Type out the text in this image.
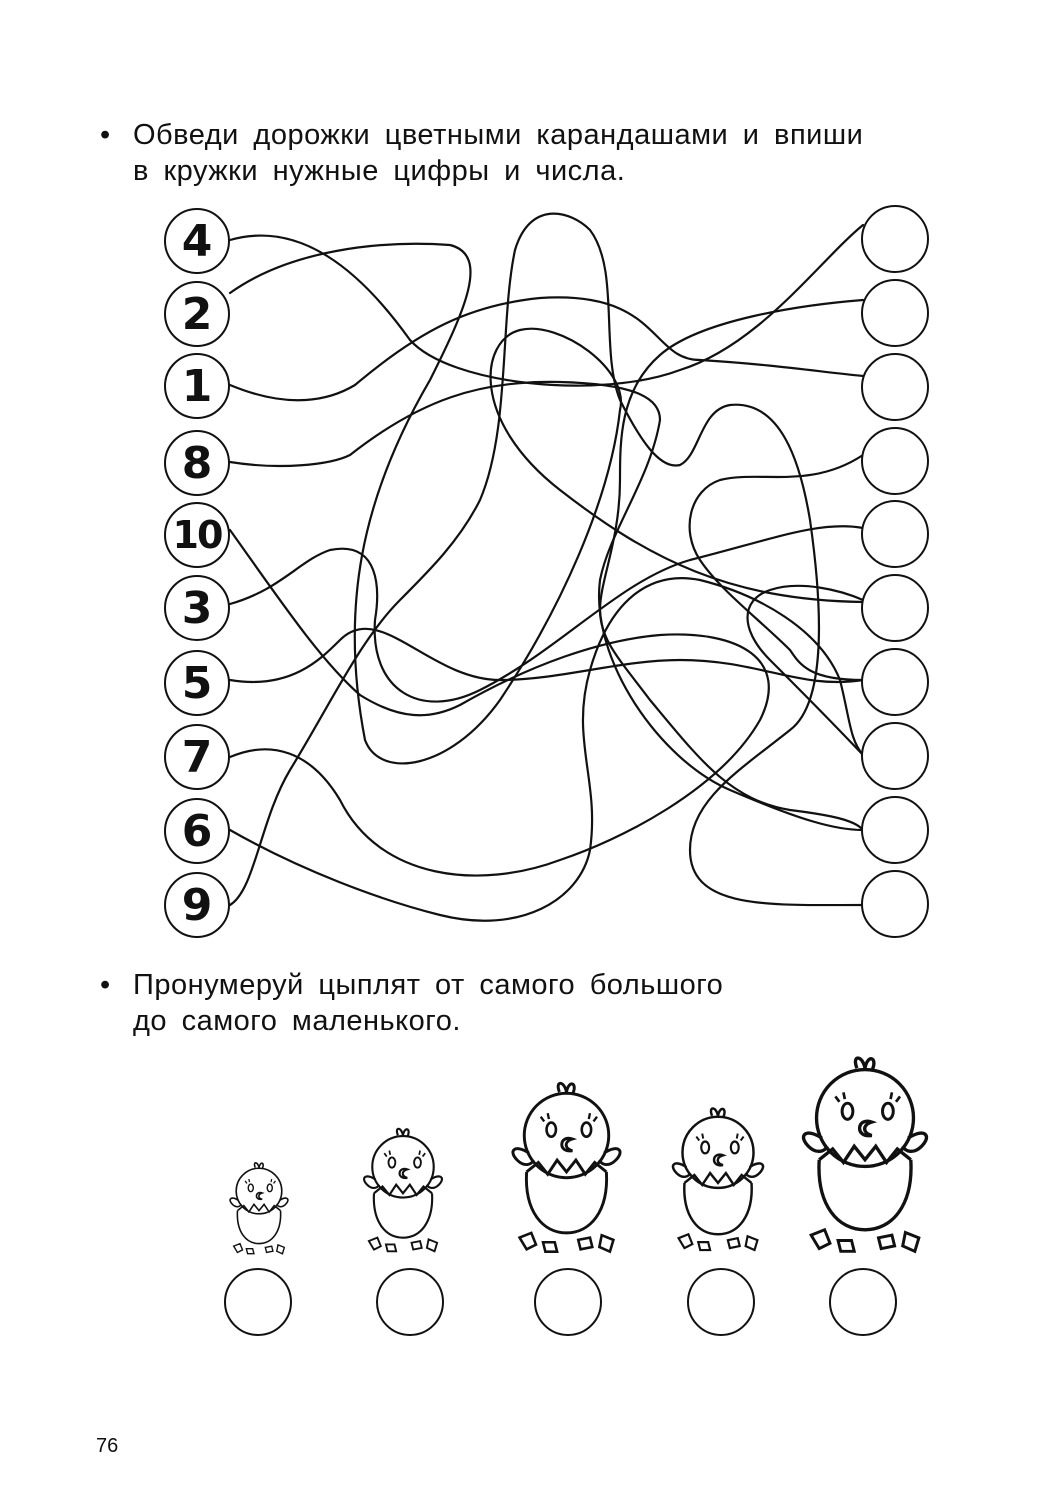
• Обведи дорожки цветными карандашами и впиши
в кружки нужные цифры и числа.
4
2
1
8
10
3
5
7
6
9
• Пронумеруй цыплят от самого большого
до самого маленького.
76
